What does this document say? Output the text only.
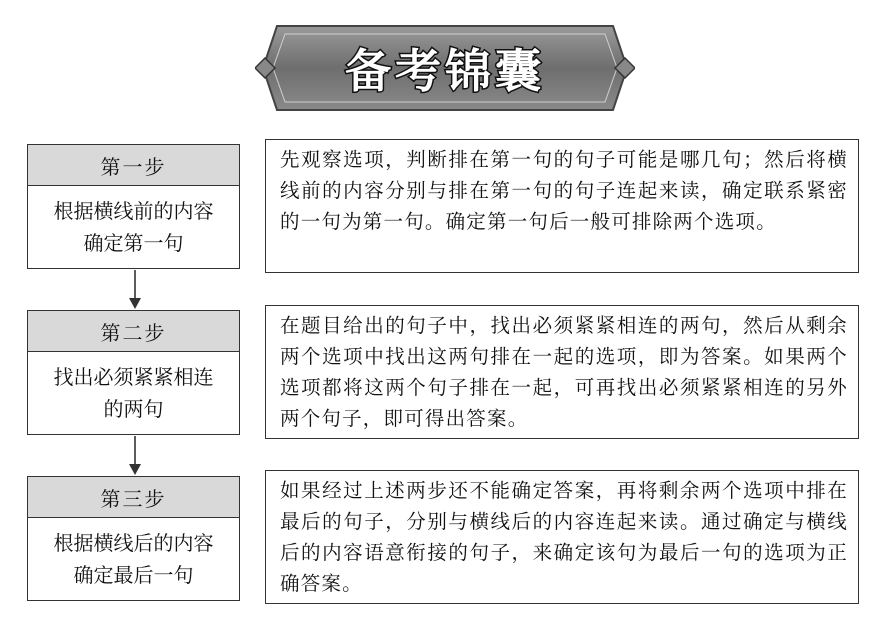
备考锦囊
第一步
根据横线前的内容确定第一句
先观察选项，判断排在第一句的句子可能是哪几句；然后将横线前的内容分别与排在第一句的句子连起来读，确定联系紧密的一句为第一句。确定第一句后一般可排除两个选项。
第二步
找出必须紧紧相连的两句
在题目给出的句子中，找出必须紧紧相连的两句，然后从剩余两个选项中找出这两句排在一起的选项，即为答案。如果两个选项都将这两个句子排在一起，可再找出必须紧紧相连的另外两个句子，即可得出答案。
第三步
根据横线后的内容确定最后一句
如果经过上述两步还不能确定答案，再将剩余两个选项中排在最后的句子，分别与横线后的内容连起来读。通过确定与横线后的内容语意衔接的句子，来确定该句为最后一句的选项为正确答案。
